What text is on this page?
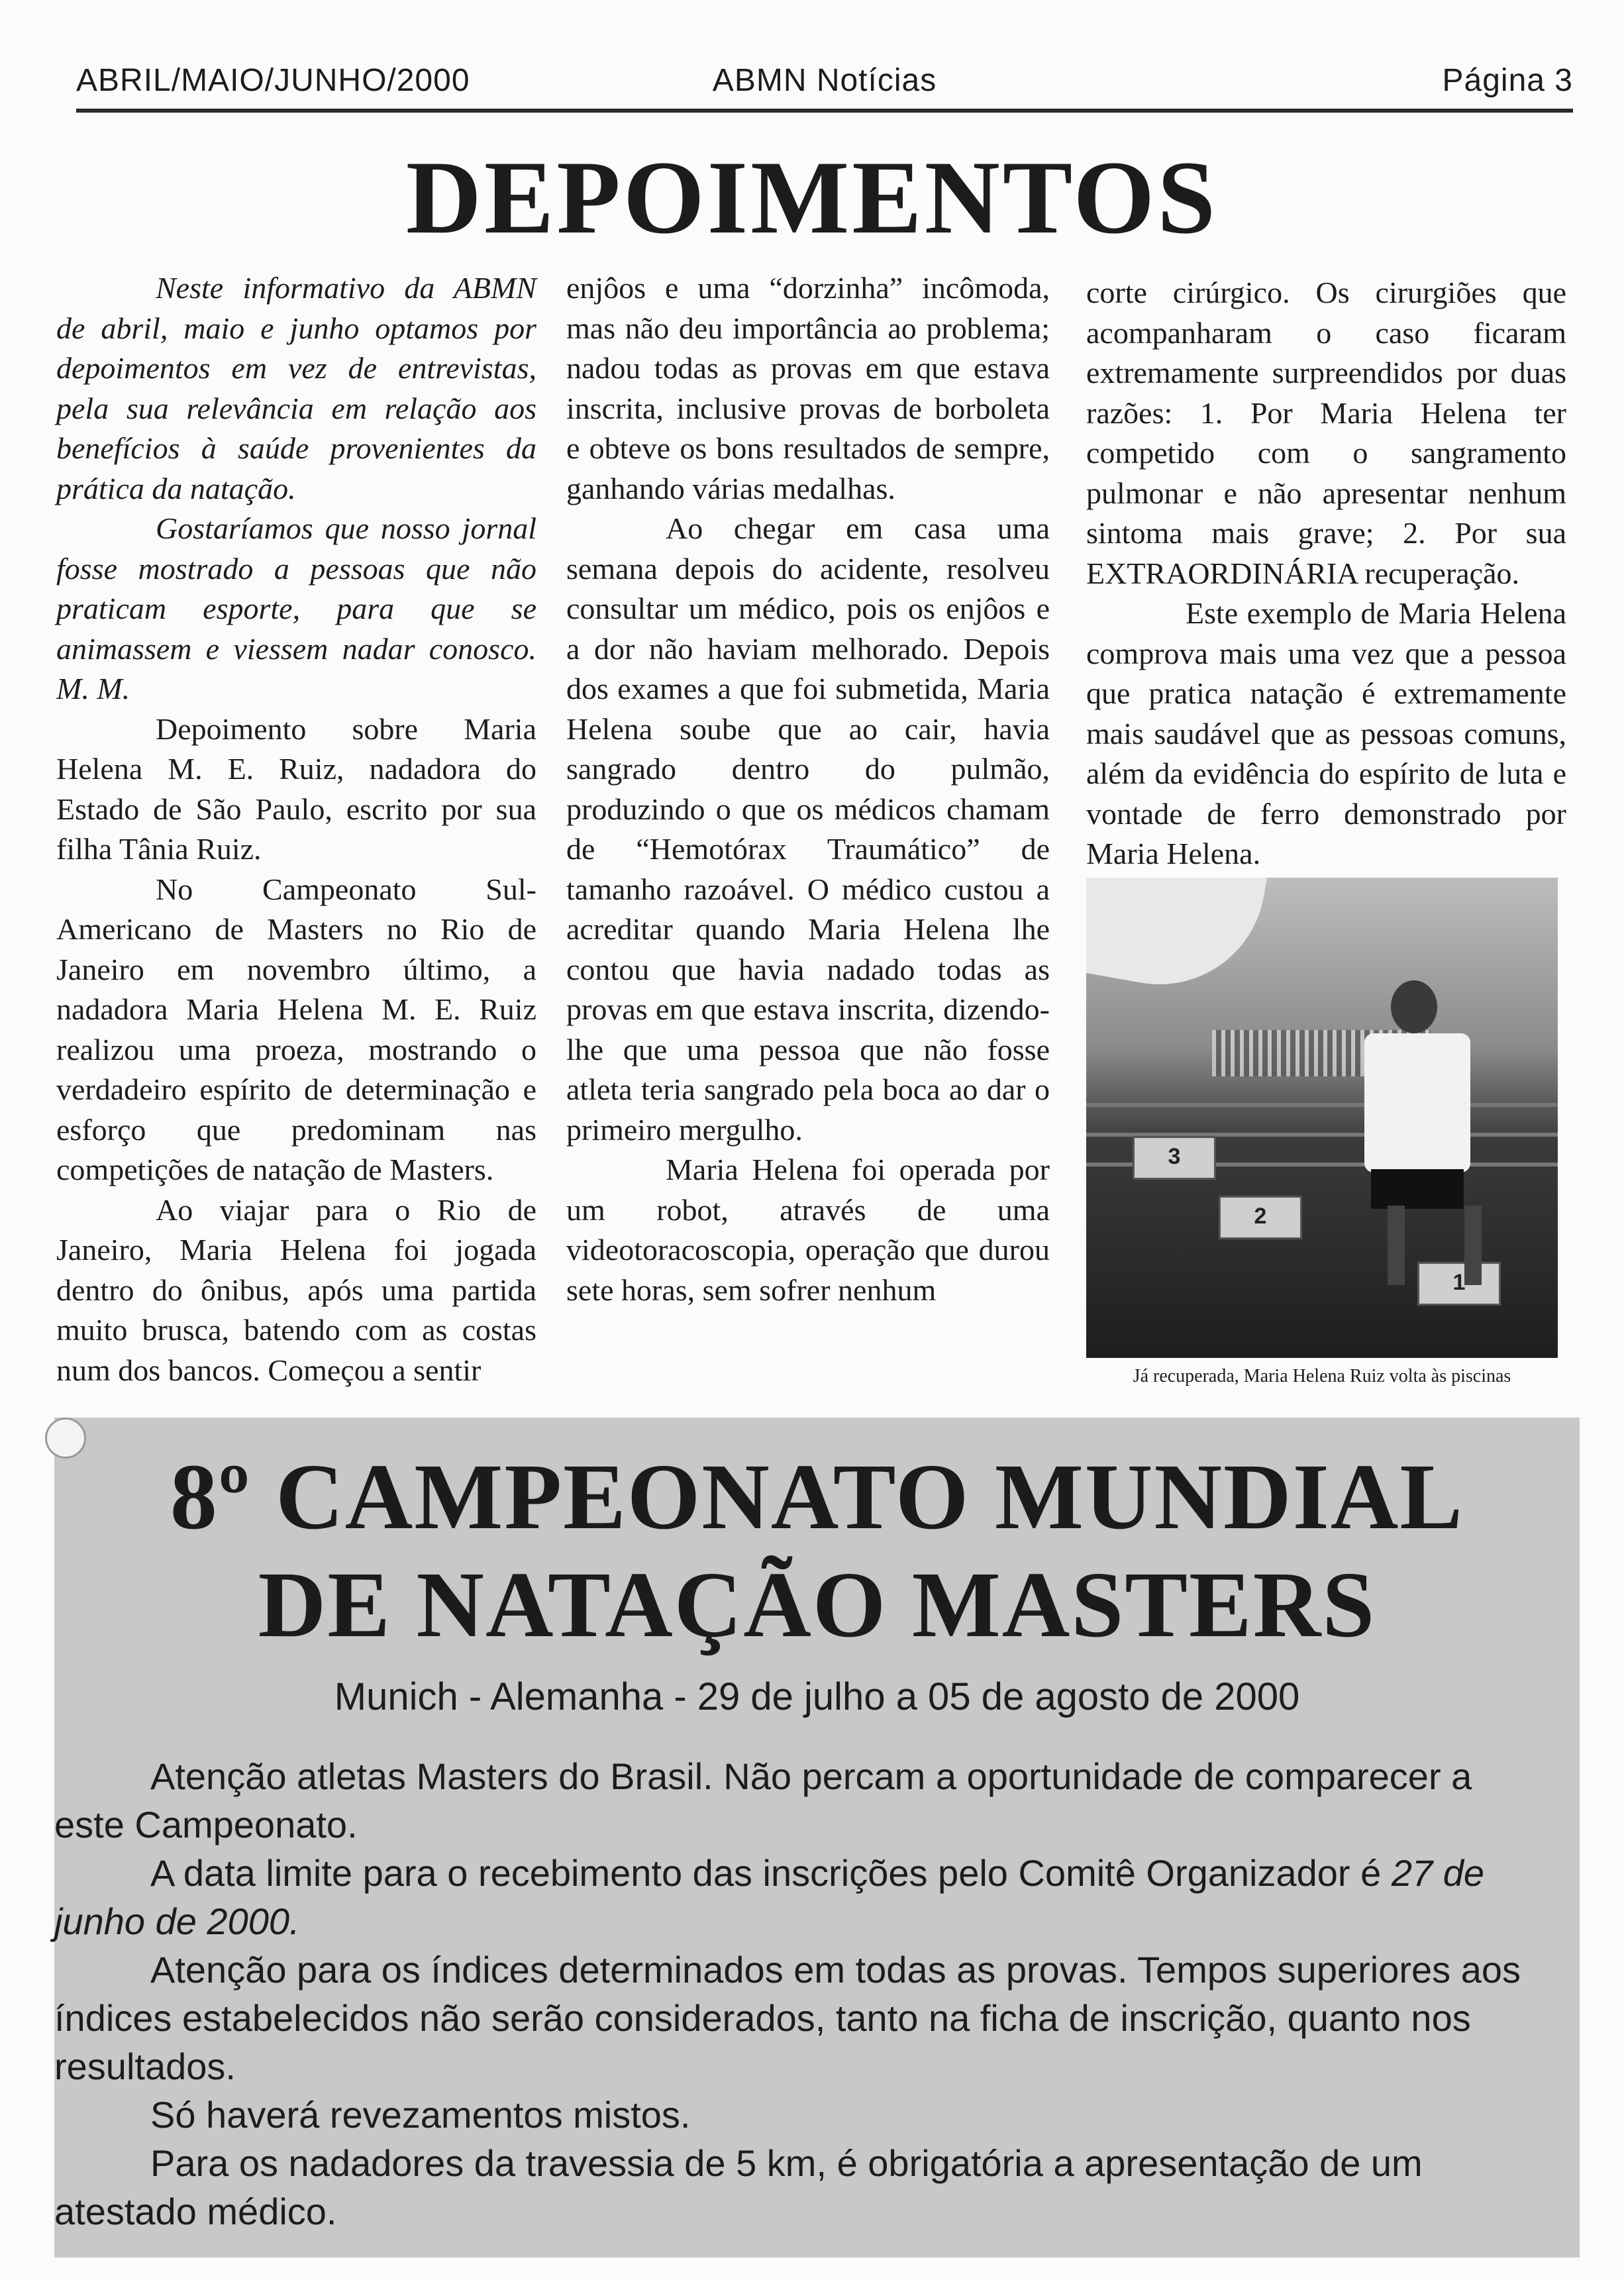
ABRIL/MAIO/JUNHO/2000	ABMN Notícias	Página 3
DEPOIMENTOS

Neste informativo da ABMN de abril, maio e junho optamos por depoimentos em vez de entrevistas, pela sua relevância em relação aos benefícios à saúde provenientes da prática da natação.

Gostaríamos que nosso jornal fosse mostrado a pessoas que não praticam esporte, para que se animassem e viessem nadar conosco. M. M.

Depoimento sobre Maria Helena M. E. Ruiz, nadadora do Estado de São Paulo, escrito por sua filha Tânia Ruiz.

No Campeonato Sul-Americano de Masters no Rio de Janeiro em novembro último, a nadadora Maria Helena M. E. Ruiz realizou uma proeza, mostrando o verdadeiro espírito de determinação e esforço que predominam nas competições de natação de Masters.

Ao viajar para o Rio de Janeiro, Maria Helena foi jogada dentro do ônibus, após uma partida muito brusca, batendo com as costas num dos bancos. Começou a sentir

enjôos e uma “dorzinha” incômoda, mas não deu importância ao problema; nadou todas as provas em que estava inscrita, inclusive provas de borboleta e obteve os bons resultados de sempre, ganhando várias medalhas.

Ao chegar em casa uma semana depois do acidente, resolveu consultar um médico, pois os enjôos e a dor não haviam melhorado. Depois dos exames a que foi submetida, Maria Helena soube que ao cair, havia sangrado dentro do pulmão, produzindo o que os médicos chamam de “Hemotórax Traumático” de tamanho razoável. O médico custou a acreditar quando Maria Helena lhe contou que havia nadado todas as provas em que estava inscrita, dizendo-lhe que uma pessoa que não fosse atleta teria sangrado pela boca ao dar o primeiro mergulho.

Maria Helena foi operada por um robot, através de uma videotoracoscopia, operação que durou sete horas, sem sofrer nenhum

corte cirúrgico. Os cirurgiões que acompanharam o caso ficaram extremamente surpreendidos por duas razões: 1. Por Maria Helena ter competido com o sangramento pulmonar e não apresentar nenhum sintoma mais grave; 2. Por sua EXTRAORDINÁRIA recuperação.

Este exemplo de Maria Helena comprova mais uma vez que a pessoa que pratica natação é extremamente mais saudável que as pessoas comuns, além da evidência do espírito de luta e vontade de ferro demonstrado por Maria Helena.

3
2
1
Já recuperada, Maria Helena Ruiz volta às piscinas
8º CAMPEONATO MUNDIAL
DE NATAÇÃO MASTERS
Munich - Alemanha - 29 de julho a 05 de agosto de 2000

Atenção atletas Masters do Brasil. Não percam a oportunidade de comparecer a este Campeonato.

A data limite para o recebimento das inscrições pelo Comitê Organizador é 27 de junho de 2000.

Atenção para os índices determinados em todas as provas. Tempos superiores aos índices estabelecidos não serão considerados, tanto na ficha de inscrição, quanto nos resultados.

Só haverá revezamentos mistos.

Para os nadadores da travessia de 5 km, é obrigatória a apresentação de um atestado médico.
